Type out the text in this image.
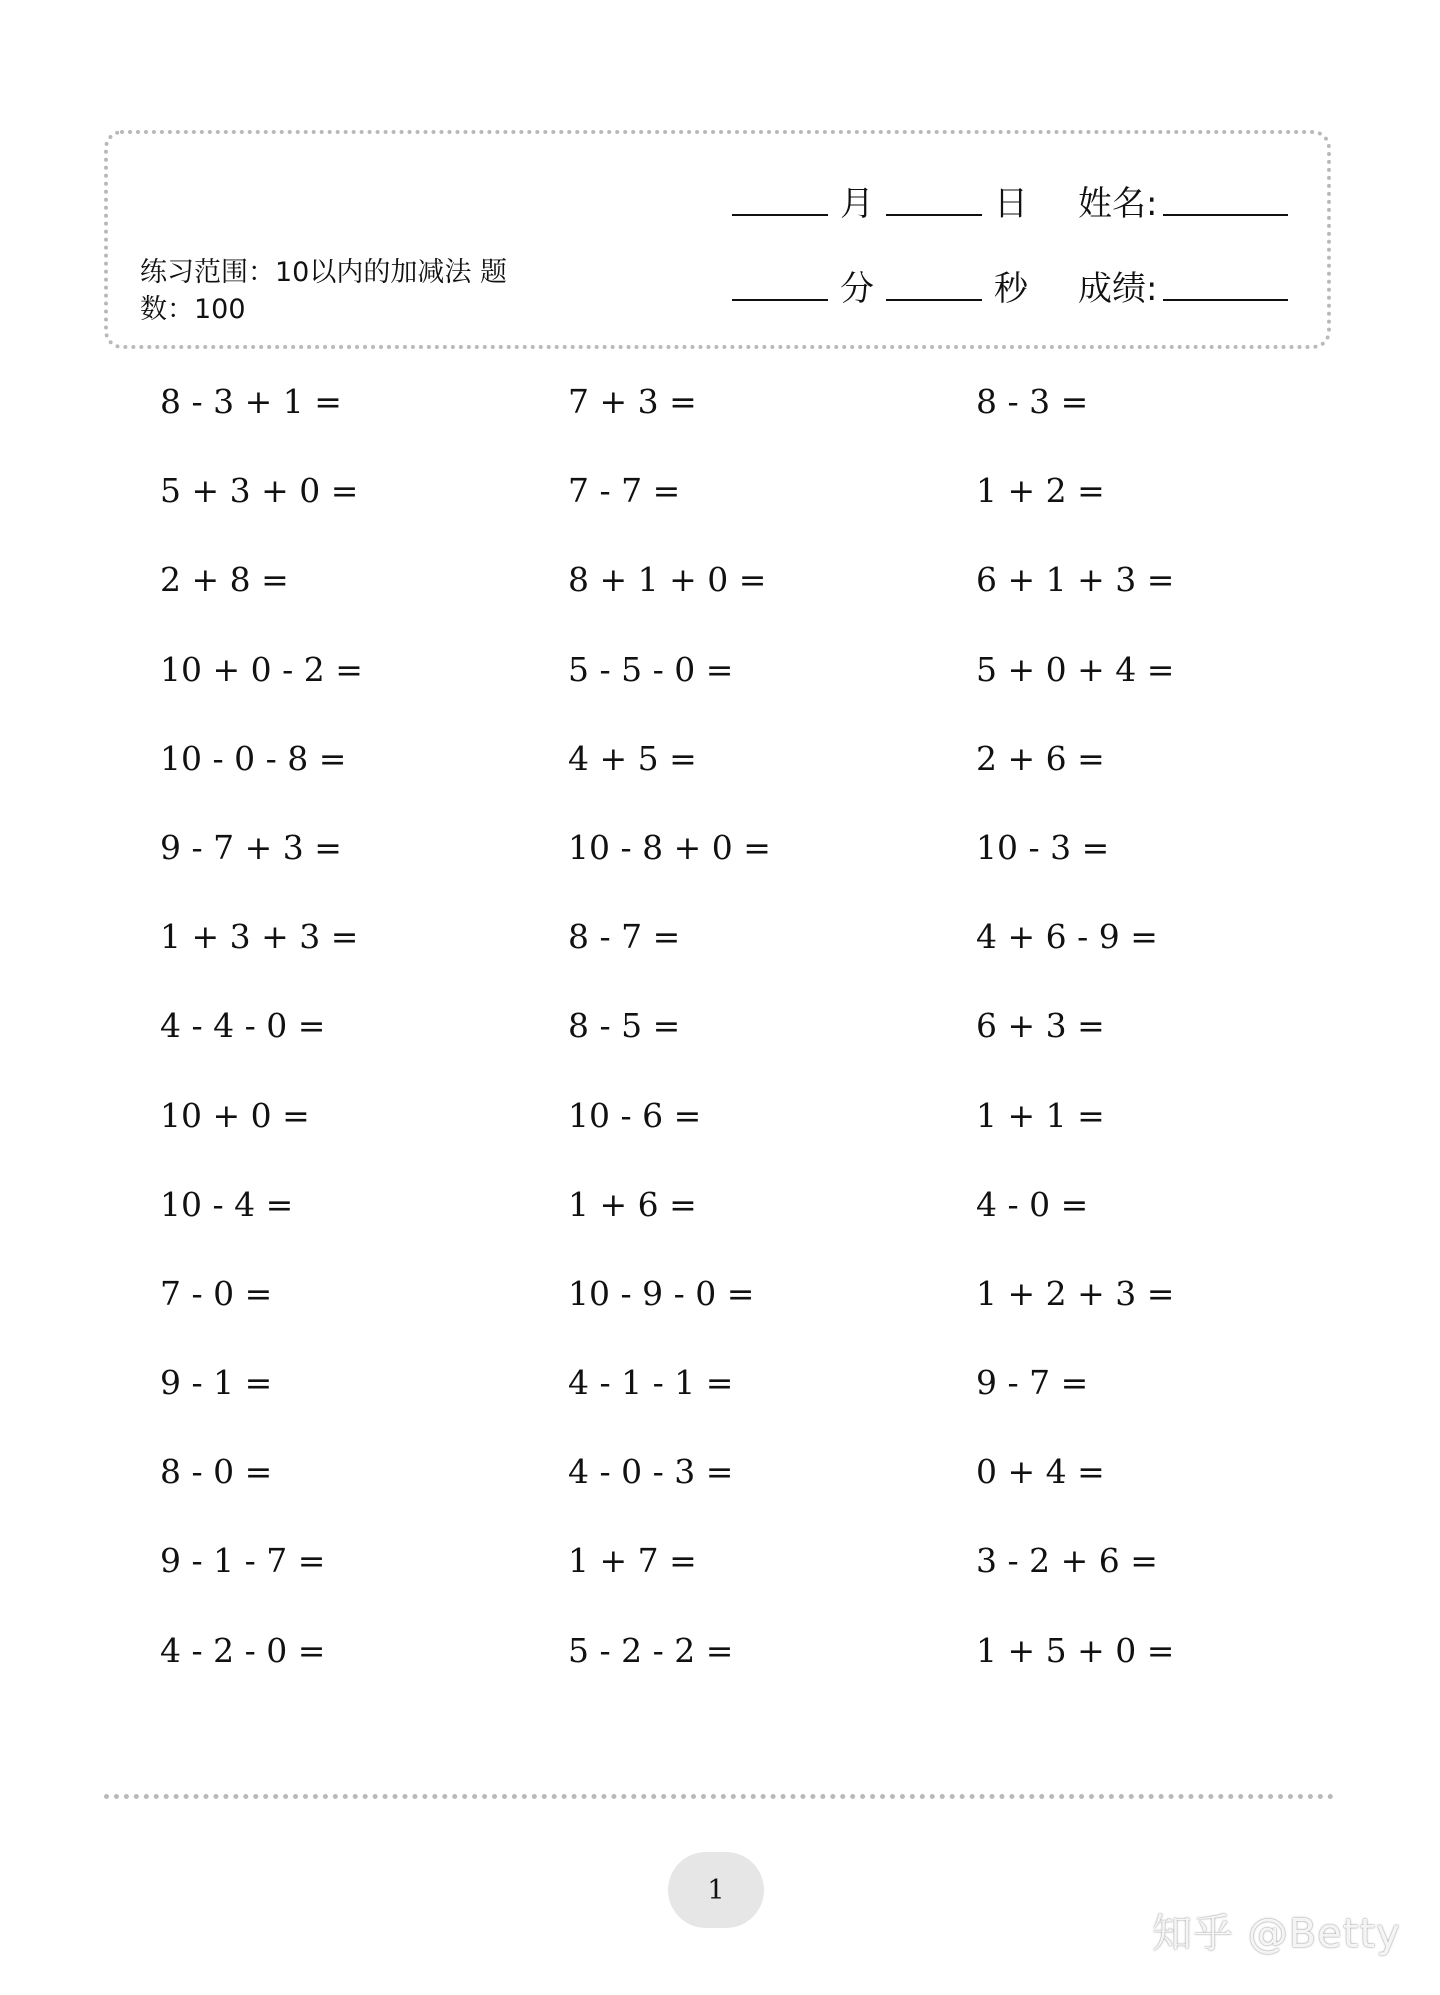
练习范围：10以内的加减法 题数：100
月	日 姓名:
分	秒 成绩:
8 - 3 + 1 =	7 + 3 =	8 - 3 =
5 + 3 + 0 =	7 - 7 =	1 + 2 =
2 + 8 =	8 + 1 + 0 =	6 + 1 + 3 =
10 + 0 - 2 =	5 - 5 - 0 =	5 + 0 + 4 =
10 - 0 - 8 =	4 + 5 =	2 + 6 =
9 - 7 + 3 =	10 - 8 + 0 =	10 - 3 =
1 + 3 + 3 =	8 - 7 =	4 + 6 - 9 =
4 - 4 - 0 =	8 - 5 =	6 + 3 =
10 + 0 =	10 - 6 =	1 + 1 =
10 - 4 =	1 + 6 =	4 - 0 =
7 - 0 =	10 - 9 - 0 =	1 + 2 + 3 =
9 - 1 =	4 - 1 - 1 =	9 - 7 =
8 - 0 =	4 - 0 - 3 =	0 + 4 =
9 - 1 - 7 =	1 + 7 =	3 - 2 + 6 =
4 - 2 - 0 =	5 - 2 - 2 =	1 + 5 + 0 =
1
知乎 @Betty
